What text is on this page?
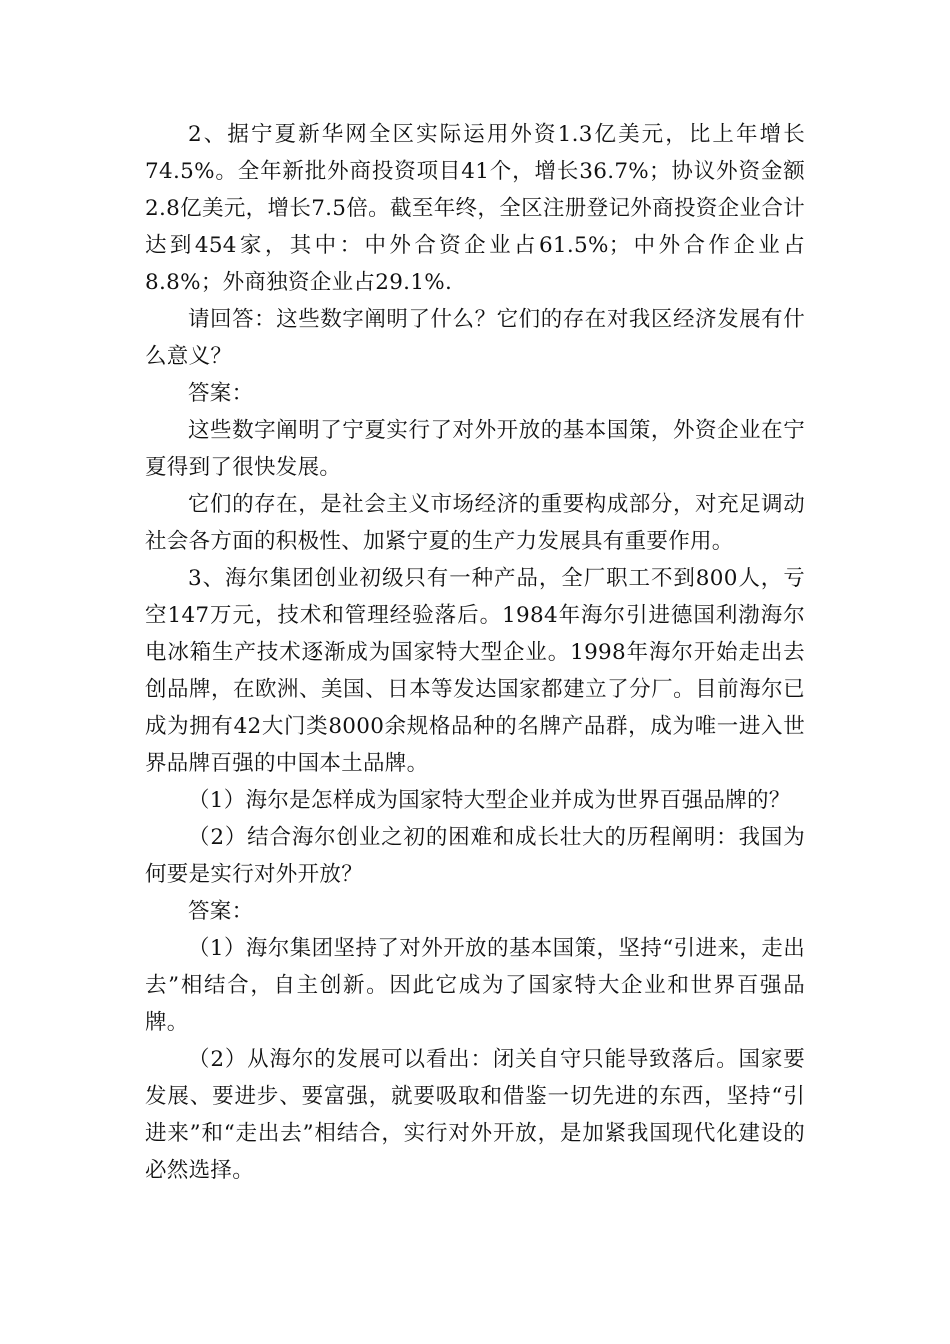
2、据宁夏新华网全区实际运用外资1.3亿美元，比上年增长74.5%。全年新批外商投资项目41个，增长36.7%；协议外资金额2.8亿美元，增长7.5倍。截至年终，全区注册登记外商投资企业合计达到454家，其中：中外合资企业占61.5%；中外合作企业占8.8%；外商独资企业占29.1%.

请回答：这些数字阐明了什么？它们的存在对我区经济发展有什么意义？

答案：

这些数字阐明了宁夏实行了对外开放的基本国策，外资企业在宁夏得到了很快发展。

它们的存在，是社会主义市场经济的重要构成部分，对充足调动社会各方面的积极性、加紧宁夏的生产力发展具有重要作用。

3、海尔集团创业初级只有一种产品，全厂职工不到800人，亏空147万元，技术和管理经验落后。1984年海尔引进德国利渤海尔电冰箱生产技术逐渐成为国家特大型企业。1998年海尔开始走出去创品牌，在欧洲、美国、日本等发达国家都建立了分厂。目前海尔已成为拥有42大门类8000余规格品种的名牌产品群，成为唯一进入世界品牌百强的中国本土品牌。

（1）海尔是怎样成为国家特大型企业并成为世界百强品牌的？

（2）结合海尔创业之初的困难和成长壮大的历程阐明：我国为何要是实行对外开放？

答案：

（1）海尔集团坚持了对外开放的基本国策，坚持“引进来，走出去”相结合，自主创新。因此它成为了国家特大企业和世界百强品牌。

（2）从海尔的发展可以看出：闭关自守只能导致落后。国家要发展、要进步、要富强，就要吸取和借鉴一切先进的东西，坚持“引进来”和“走出去”相结合，实行对外开放，是加紧我国现代化建设的必然选择。
